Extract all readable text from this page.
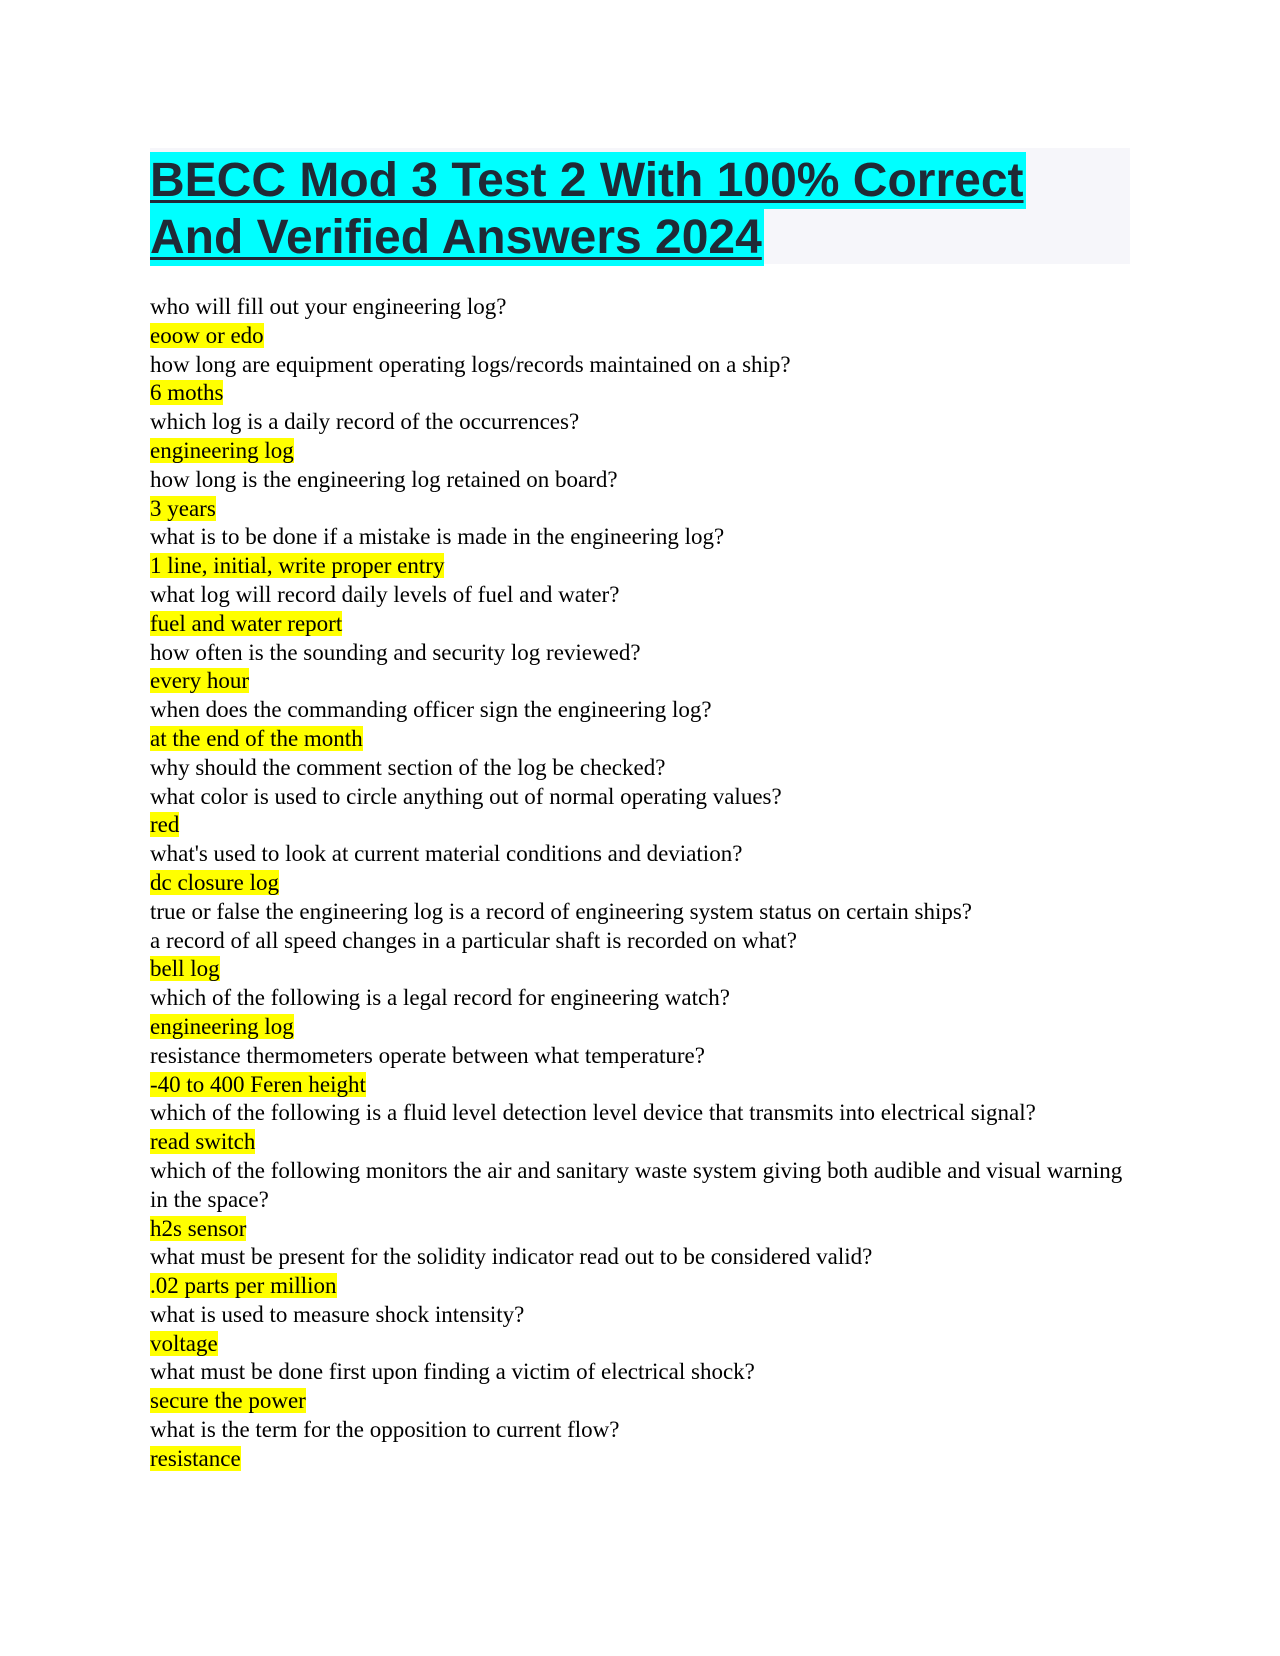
BECC Mod 3 Test 2 With 100% Correct
And Verified Answers 2024
who will fill out your engineering log?
eoow or edo
how long are equipment operating logs/records maintained on a ship?
6 moths
which log is a daily record of the occurrences?
engineering log
how long is the engineering log retained on board?
3 years
what is to be done if a mistake is made in the engineering log?
1 line, initial, write proper entry
what log will record daily levels of fuel and water?
fuel and water report
how often is the sounding and security log reviewed?
every hour
when does the commanding officer sign the engineering log?
at the end of the month
why should the comment section of the log be checked?
what color is used to circle anything out of normal operating values?
red
what's used to look at current material conditions and deviation?
dc closure log
true or false the engineering log is a record of engineering system status on certain ships?
a record of all speed changes in a particular shaft is recorded on what?
bell log
which of the following is a legal record for engineering watch?
engineering log
resistance thermometers operate between what temperature?
-40 to 400 Feren height
which of the following is a fluid level detection level device that transmits into electrical signal?
read switch
which of the following monitors the air and sanitary waste system giving both audible and visual warning in the space?
h2s sensor
what must be present for the solidity indicator read out to be considered valid?
.02 parts per million
what is used to measure shock intensity?
voltage
what must be done first upon finding a victim of electrical shock?
secure the power
what is the term for the opposition to current flow?
resistance
